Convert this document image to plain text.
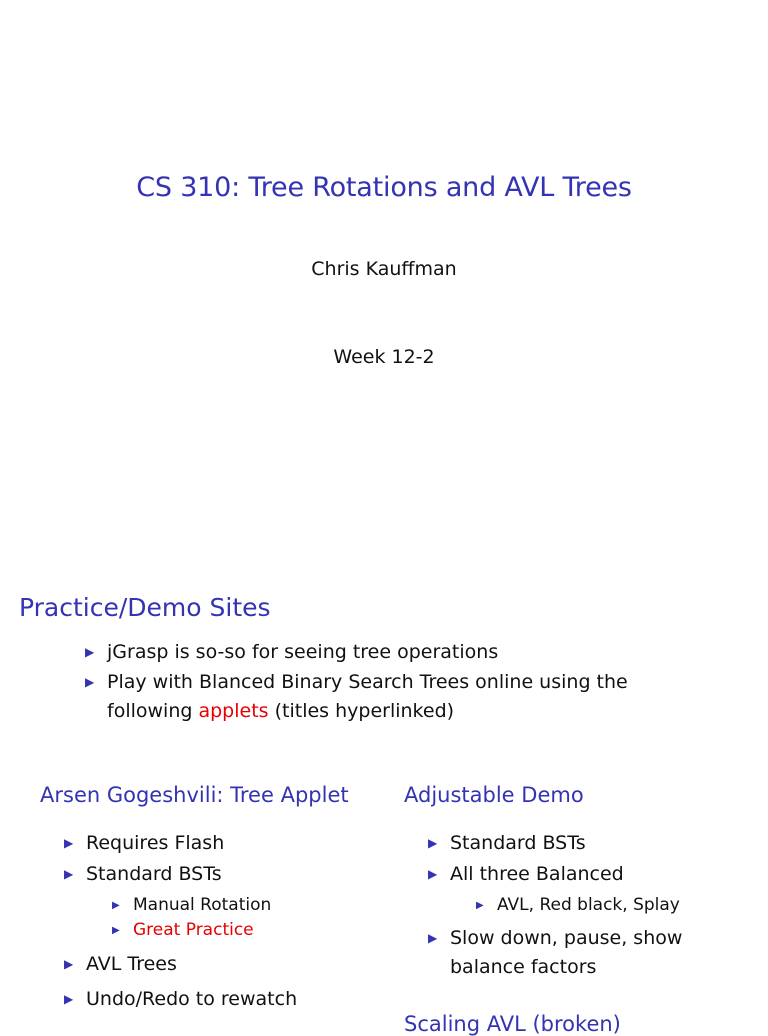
CS 310: Tree Rotations and AVL Trees
Chris Kauffman
Week 12-2
Practice/Demo Sites
▶ jGrasp is so-so for seeing tree operations
▶ Play with Blanced Binary Search Trees online using the
following applets (titles hyperlinked)
Arsen Gogeshvili: Tree Applet
▶ Requires Flash
▶ Standard BSTs
▶ Manual Rotation
▶ Great Practice
▶ AVL Trees
▶ Undo/Redo to rewatch
Adjustable Demo
▶ Standard BSTs
▶ All three Balanced
▶ AVL, Red black, Splay
▶ Slow down, pause, show
balance factors
Scaling AVL (broken)
